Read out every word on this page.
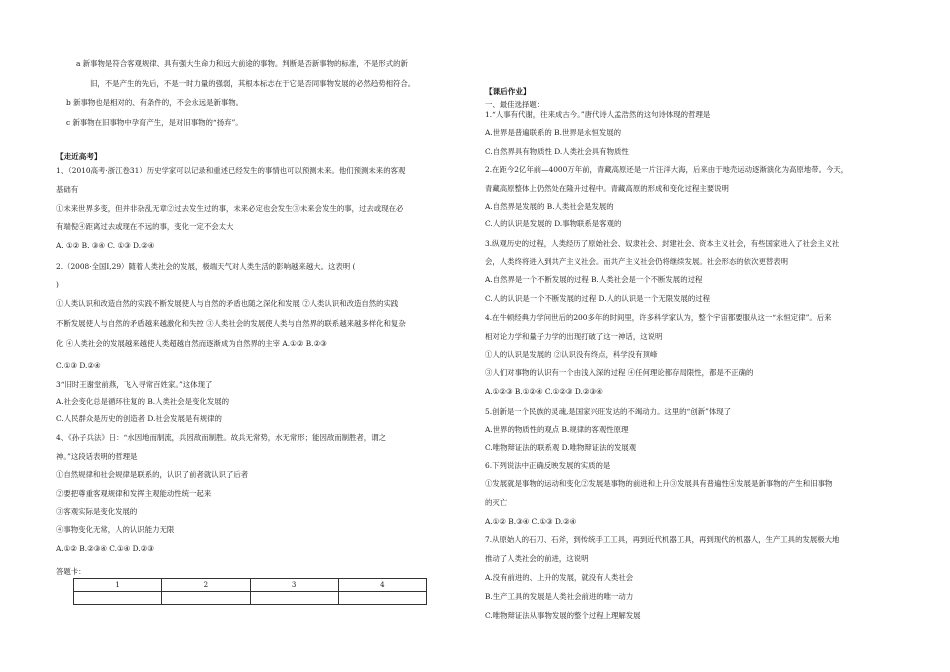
a 新事物是符合客观规律、具有强大生命力和远大前途的事物。判断是否新事物的标准，不是形式的新
旧，不是产生的先后，不是一时力量的强弱，其根本标志在于它是否同事物发展的必然趋势相符合。
b 新事物也是相对的、有条件的，不会永远是新事物。
c 新事物在旧事物中孕育产生，是对旧事物的“扬弃”。
【走近高考】
1、（2010高考·浙江卷31）历史学家可以记录和重述已经发生的事情也可以预测未来。他们预测未来的客观
基础有
①未来世界多变，但并非杂乱无章②过去发生过的事，未来必定也会发生③未来会发生的事，过去或现在必
有端倪④距离过去或现在不远的事，变化一定不会太大
A. ①② B. ③④ C. ①③ D.②④
2.（2008·全国Ⅰ,29）随着人类社会的发展，极端天气对人类生活的影响越来越大。这表明 (
)
①人类认识和改造自然的实践不断发展使人与自然的矛盾也随之深化和发展 ②人类认识和改造自然的实践
不断发展使人与自然的矛盾越来越激化和失控 ③人类社会的发展使人类与自然界的联系越来越多样化和复杂
化 ④人类社会的发展越来越使人类超越自然而逐渐成为自然界的主宰 A.①② B.②③
C.①③ D.②④
3“旧时王谢堂前燕，飞入寻常百姓家。”这体现了
A.社会变化总是循环往复的 B.人类社会是变化发展的
C.人民群众是历史的创造者 D.社会发展是有规律的
4、《孙子兵法》日：“水因地而制流，兵因敌而制胜。故兵无常势，水无常形；能因敌而制胜者，谓之
神。”这段话表明的哲理是
①自然规律和社会规律是联系的，认识了前者就认识了后者
②要把尊重客观规律和发挥主观能动性统一起来
③客观实际是变化发展的
④事物变化无常，人的认识能力无限
A.①② B.②③④ C.①④ D.②③
答题卡：
1	2	3	4

【课后作业】
一、最佳选择题：
1.“人事有代谢，往来成古今。”唐代诗人孟浩然的这句诗体现的哲理是
A.世界是普遍联系的 B.世界是永恒发展的
C.自然界具有物质性 D.人类社会具有物质性
2.在距今2亿年前—4000万年前，青藏高原还是一片汪洋大海，后来由于地壳运动逐渐演化为高原地带。今天，
青藏高原整体上仍然处在隆升过程中。青藏高原的形成和变化过程主要说明
A.自然界是发展的 B.人类社会是发展的
C.人的认识是发展的 D.事物联系是客观的
3.纵观历史的过程，人类经历了原始社会、奴隶社会、封建社会、资本主义社会，有些国家进入了社会主义社
会，人类终将进入到共产主义社会。而共产主义社会仍将继续发展。社会形态的依次更替表明
A.自然界是一个不断发展的过程 B.人类社会是一个不断发展的过程
C.人的认识是一个不断发展的过程 D.人的认识是一个无限发展的过程
4.在牛顿经典力学问世后的200多年的时间里，许多科学家认为，整个宇宙都要服从这一“永恒定律”。后来
相对论力学和量子力学的出现打破了这一神话，这说明
①人的认识是发展的 ②认识没有终点，科学没有顶峰
③人们对事物的认识有一个由浅入深的过程 ④任何理论都存局限性，都是不正确的
A.①②③ B.①②④ C.①②③ D.②③④
5.创新是一个民族的灵魂,是国家兴旺发达的不竭动力。这里的“创新”体现了
A.世界的物质性的观点 B.规律的客观性原理
C.唯物辩证法的联系观 D.唯物辩证法的发展观
6.下列说法中正确反映发展的实质的是
①发展就是事物的运动和变化②发展是事物的前进和上升③发展具有普遍性④发展是新事物的产生和旧事物
的灭亡
A.①② B.③④ C.①③ D.②④
7.从原始人的石刀、石斧，到传统手工工具，再到近代机器工具，再到现代的机器人，生产工具的发展极大地
推动了人类社会的前进，这说明
A.没有前进的、上升的发展，就没有人类社会
B.生产工具的发展是人类社会前进的唯一动力
C.唯物辩证法从事物发展的整个过程上理解发展
